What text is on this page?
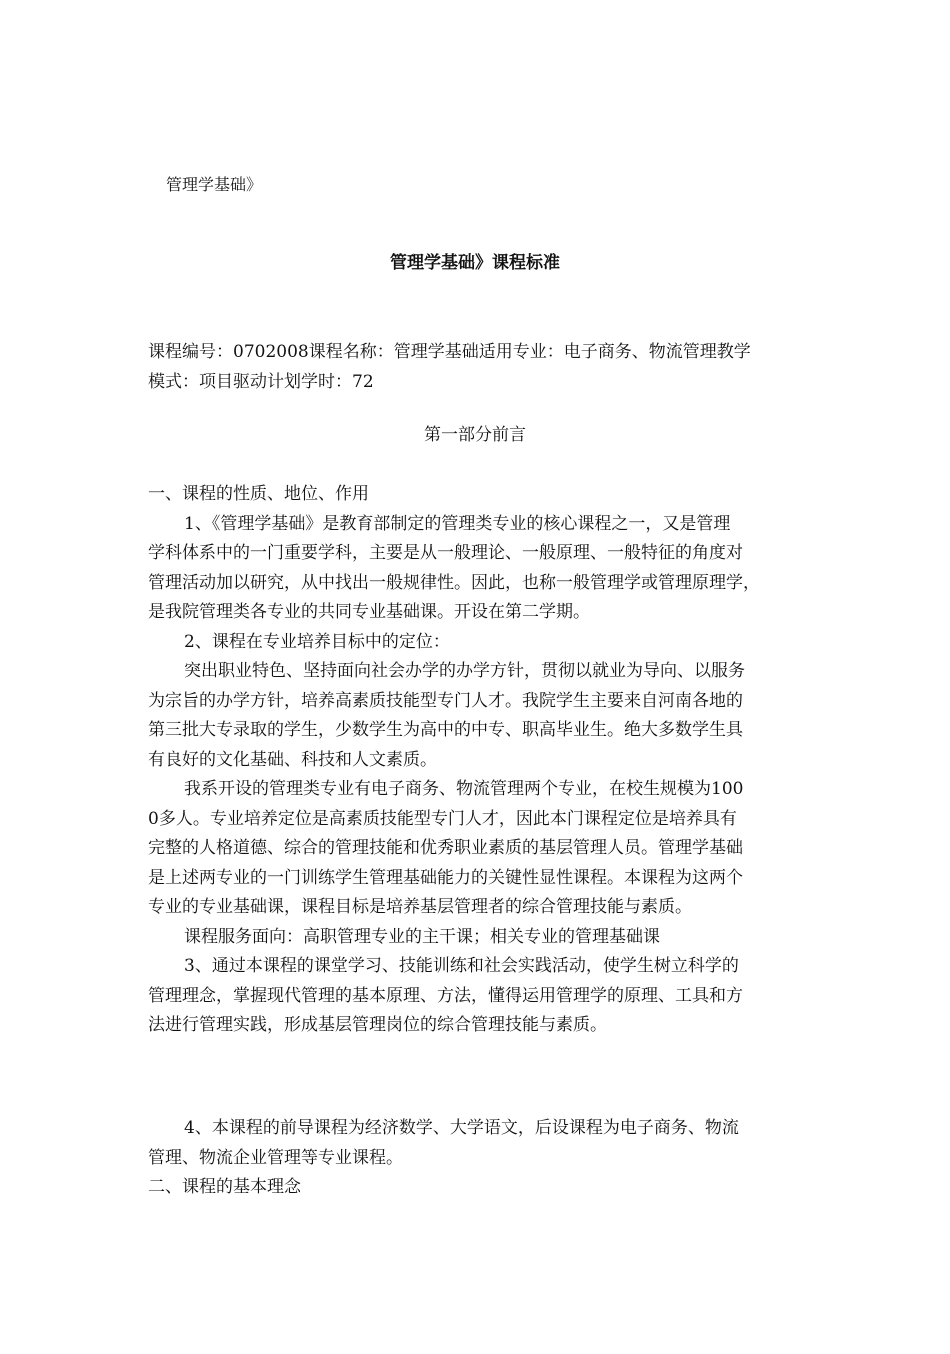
管理学基础》
管理学基础》课程标准

课程编号：0702008课程名称：管理学基础适用专业：电子商务、物流管理教学

模式：项目驱动计划学时：72

第一部分前言

一、课程的性质、地位、作用

1、《管理学基础》是教育部制定的管理类专业的核心课程之一，又是管理

学科体系中的一门重要学科，主要是从一般理论、一般原理、一般特征的角度对

管理活动加以研究，从中找出一般规律性。因此，也称一般管理学或管理原理学，

是我院管理类各专业的共同专业基础课。开设在第二学期。

2、课程在专业培养目标中的定位：

突出职业特色、坚持面向社会办学的办学方针，贯彻以就业为导向、以服务

为宗旨的办学方针，培养高素质技能型专门人才。我院学生主要来自河南各地的

第三批大专录取的学生，少数学生为高中的中专、职高毕业生。绝大多数学生具

有良好的文化基础、科技和人文素质。

我系开设的管理类专业有电子商务、物流管理两个专业，在校生规模为100

0多人。专业培养定位是高素质技能型专门人才，因此本门课程定位是培养具有

完整的人格道德、综合的管理技能和优秀职业素质的基层管理人员。管理学基础

是上述两专业的一门训练学生管理基础能力的关键性显性课程。本课程为这两个

专业的专业基础课，课程目标是培养基层管理者的综合管理技能与素质。

课程服务面向：高职管理专业的主干课；相关专业的管理基础课

3、通过本课程的课堂学习、技能训练和社会实践活动，使学生树立科学的

管理理念，掌握现代管理的基本原理、方法，懂得运用管理学的原理、工具和方

法进行管理实践，形成基层管理岗位的综合管理技能与素质。

4、本课程的前导课程为经济数学、大学语文，后设课程为电子商务、物流

管理、物流企业管理等专业课程。

二、课程的基本理念
